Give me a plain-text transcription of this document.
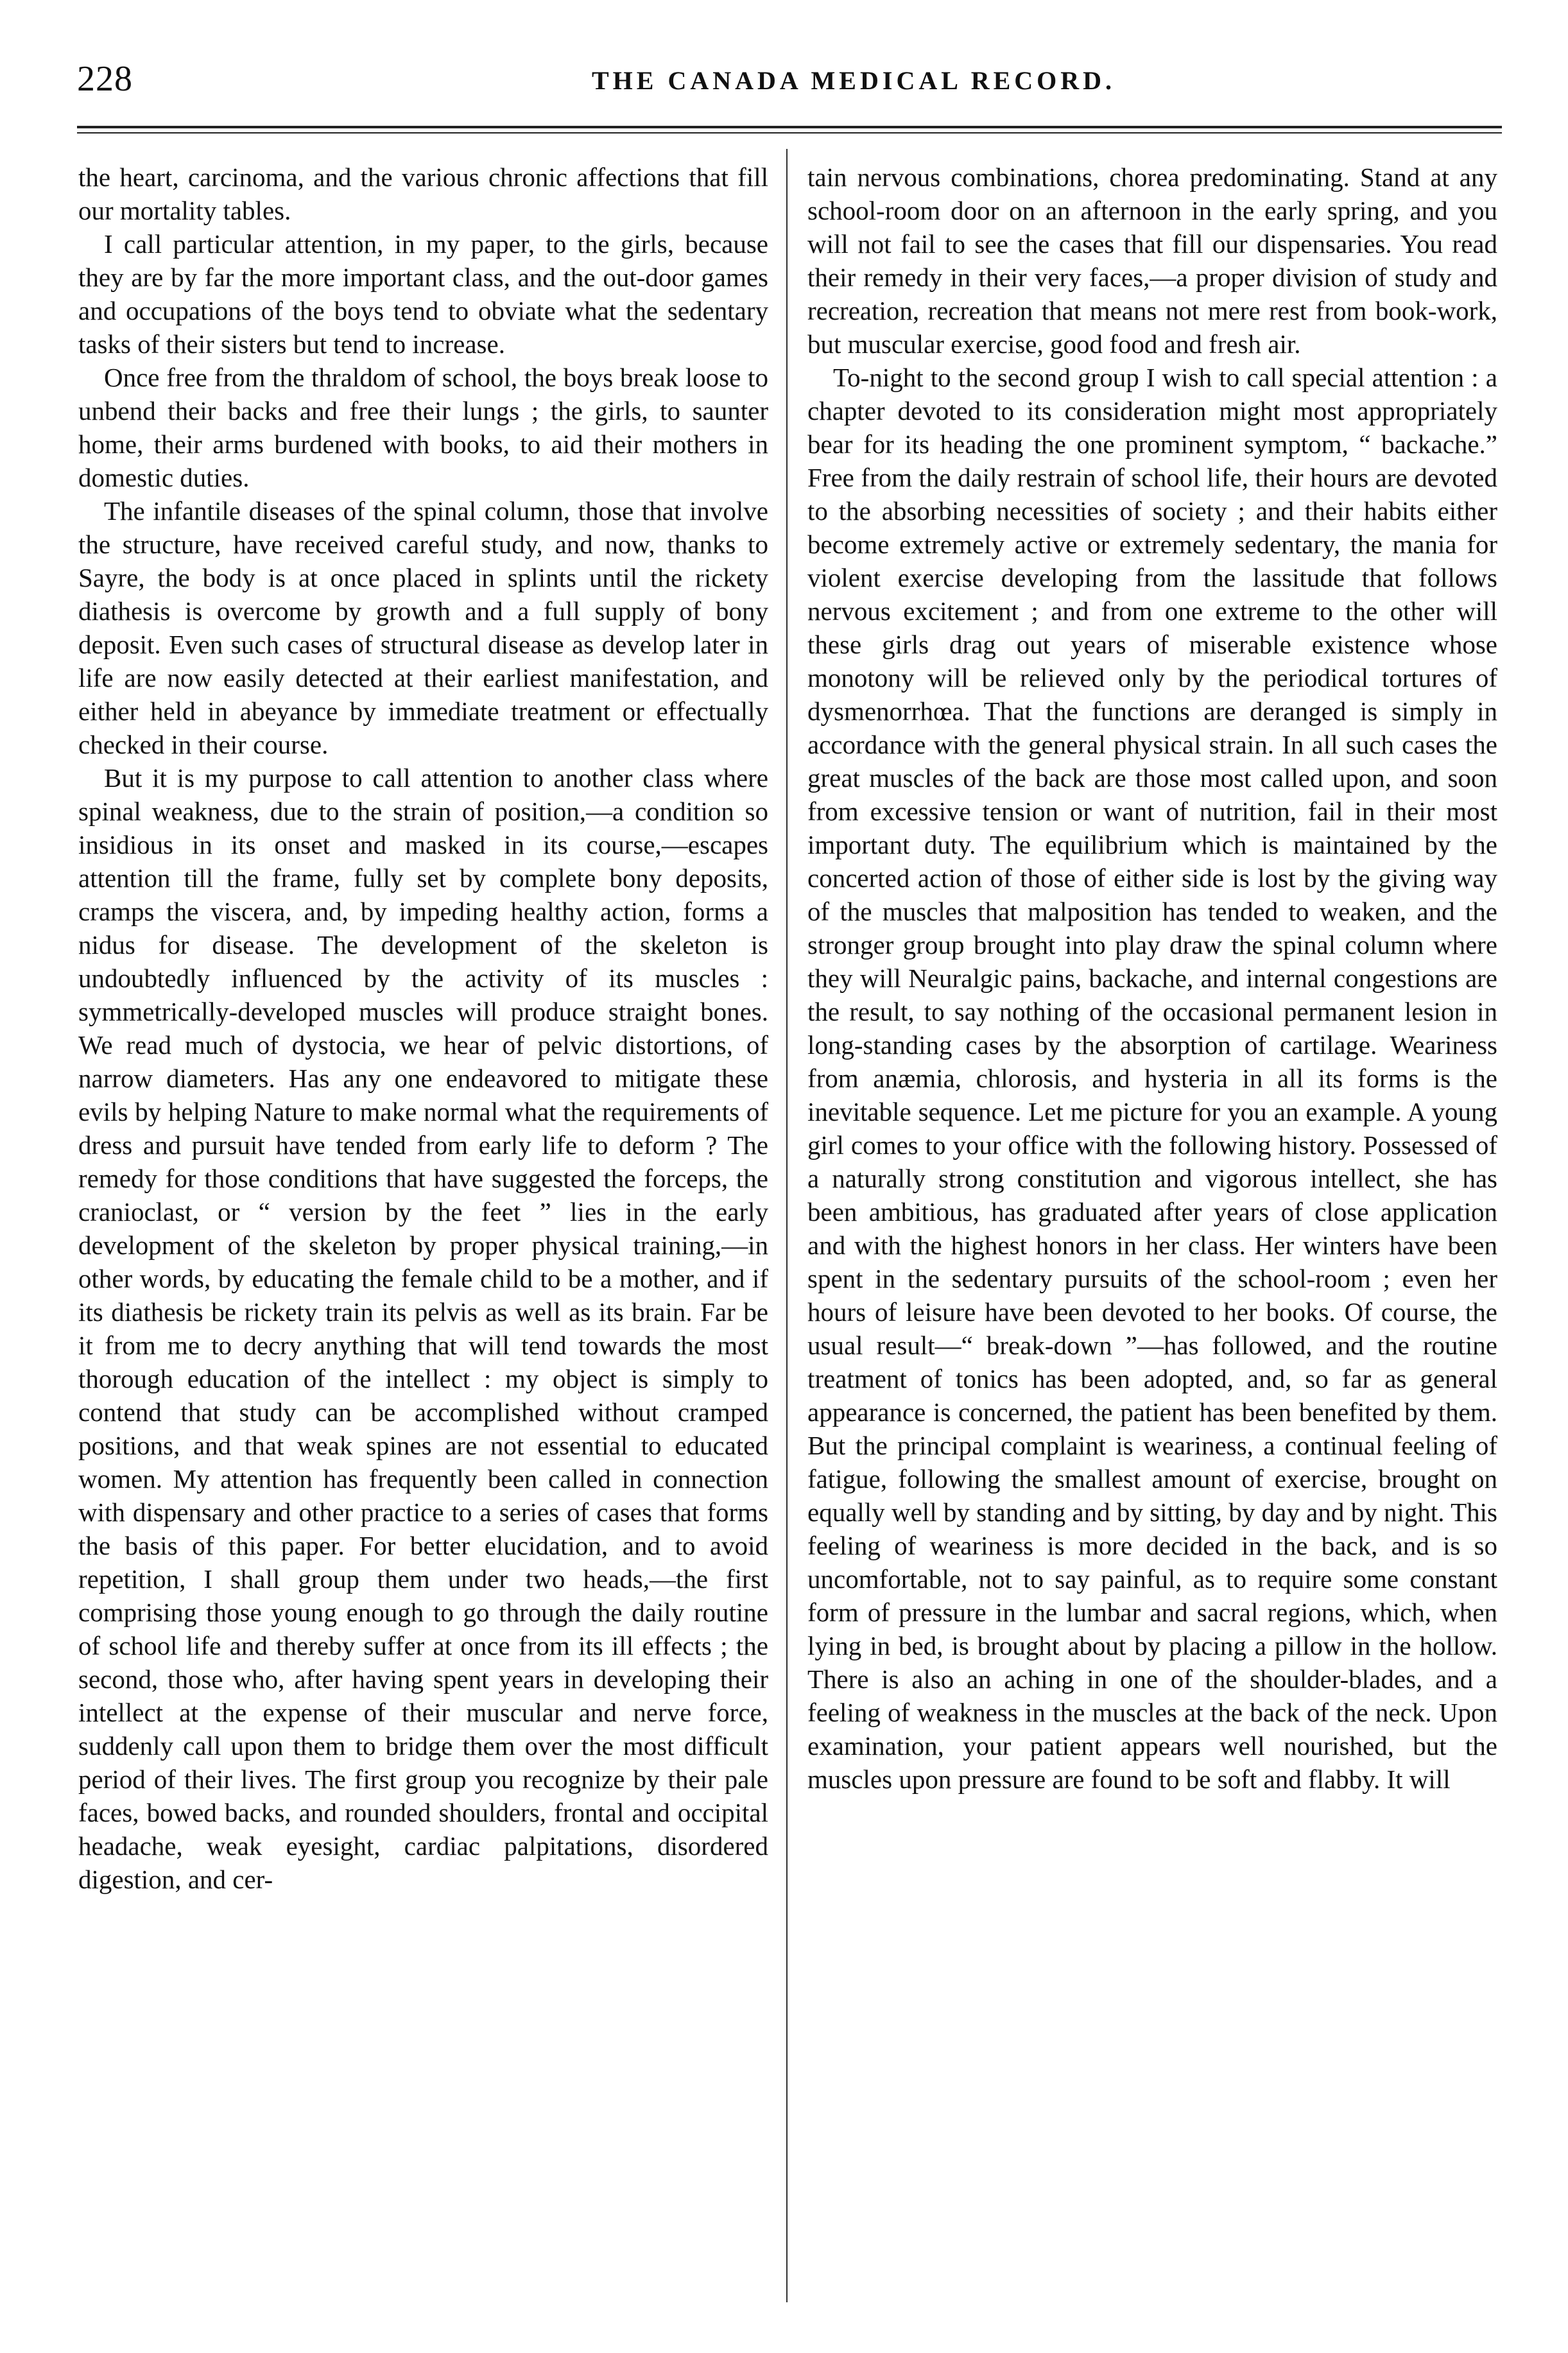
228	THE CANADA MEDICAL RECORD.

the heart, carcinoma, and the various chronic affections that fill our mortality tables.

I call particular attention, in my paper, to the girls, because they are by far the more important class, and the out-door games and occupations of the boys tend to obviate what the sedentary tasks of their sisters but tend to increase.

Once free from the thraldom of school, the boys break loose to unbend their backs and free their lungs ; the girls, to saunter home, their arms burdened with books, to aid their mothers in domestic duties.

The infantile diseases of the spinal column, those that involve the structure, have received careful study, and now, thanks to Sayre, the body is at once placed in splints until the rickety diathesis is overcome by growth and a full supply of bony deposit. Even such cases of structural disease as develop later in life are now easily detected at their earliest manifestation, and either held in abeyance by immediate treatment or effectually checked in their course.

But it is my purpose to call attention to another class where spinal weakness, due to the strain of position,—a condition so insidious in its onset and masked in its course,—escapes attention till the frame, fully set by complete bony deposits, cramps the viscera, and, by impeding healthy action, forms a nidus for disease. The development of the skeleton is undoubtedly influenced by the activity of its muscles : symmetrically-developed muscles will produce straight bones. We read much of dystocia, we hear of pelvic distortions, of narrow diameters. Has any one endeavored to mitigate these evils by helping Nature to make normal what the requirements of dress and pursuit have tended from early life to deform ? The remedy for those conditions that have suggested the forceps, the cranioclast, or “ version by the feet ” lies in the early development of the skeleton by proper physical training,—in other words, by educating the female child to be a mother, and if its diathesis be rickety train its pelvis as well as its brain. Far be it from me to decry anything that will tend towards the most thorough education of the intellect : my object is simply to contend that study can be accomplished without cramped positions, and that weak spines are not essential to educated women. My attention has frequently been called in connection with dispensary and other practice to a series of cases that forms the basis of this paper. For better elucidation, and to avoid repetition, I shall group them under two heads,—the first comprising those young enough to go through the daily routine of school life and thereby suffer at once from its ill effects ; the second, those who, after having spent years in developing their intellect at the expense of their muscular and nerve force, suddenly call upon them to bridge them over the most difficult period of their lives. The first group you recognize by their pale faces, bowed backs, and rounded shoulders, frontal and occipital headache, weak eyesight, cardiac palpitations, disordered digestion, and cer-

tain nervous combinations, chorea predominating. Stand at any school-room door on an afternoon in the early spring, and you will not fail to see the cases that fill our dispensaries. You read their remedy in their very faces,—a proper division of study and recreation, recreation that means not mere rest from book-work, but muscular exercise, good food and fresh air.

To-night to the second group I wish to call special attention : a chapter devoted to its consideration might most appropriately bear for its heading the one prominent symptom, “ backache.” Free from the daily restrain of school life, their hours are devoted to the absorbing necessities of society ; and their habits either become extremely active or extremely sedentary, the mania for violent exercise developing from the lassitude that follows nervous excitement ; and from one extreme to the other will these girls drag out years of miserable existence whose monotony will be relieved only by the periodical tortures of dysmenorrhœa. That the functions are deranged is simply in accordance with the general physical strain. In all such cases the great muscles of the back are those most called upon, and soon from excessive tension or want of nutrition, fail in their most important duty. The equilibrium which is maintained by the concerted action of those of either side is lost by the giving way of the muscles that malposition has tended to weaken, and the stronger group brought into play draw the spinal column where they will Neuralgic pains, backache, and internal congestions are the result, to say nothing of the occasional permanent lesion in long-standing cases by the absorption of cartilage. Weariness from anæmia, chlorosis, and hysteria in all its forms is the inevitable sequence. Let me picture for you an example. A young girl comes to your office with the following history. Possessed of a naturally strong constitution and vigorous intellect, she has been ambitious, has graduated after years of close application and with the highest honors in her class. Her winters have been spent in the sedentary pursuits of the school-room ; even her hours of leisure have been devoted to her books. Of course, the usual result—“ break-down ”—has followed, and the routine treatment of tonics has been adopted, and, so far as general appearance is concerned, the patient has been benefited by them. But the principal complaint is weariness, a continual feeling of fatigue, following the smallest amount of exercise, brought on equally well by standing and by sitting, by day and by night. This feeling of weariness is more decided in the back, and is so uncomfortable, not to say painful, as to require some constant form of pressure in the lumbar and sacral regions, which, when lying in bed, is brought about by placing a pillow in the hollow. There is also an aching in one of the shoulder-blades, and a feeling of weakness in the muscles at the back of the neck. Upon examination, your patient appears well nourished, but the muscles upon pressure are found to be soft and flabby. It will
